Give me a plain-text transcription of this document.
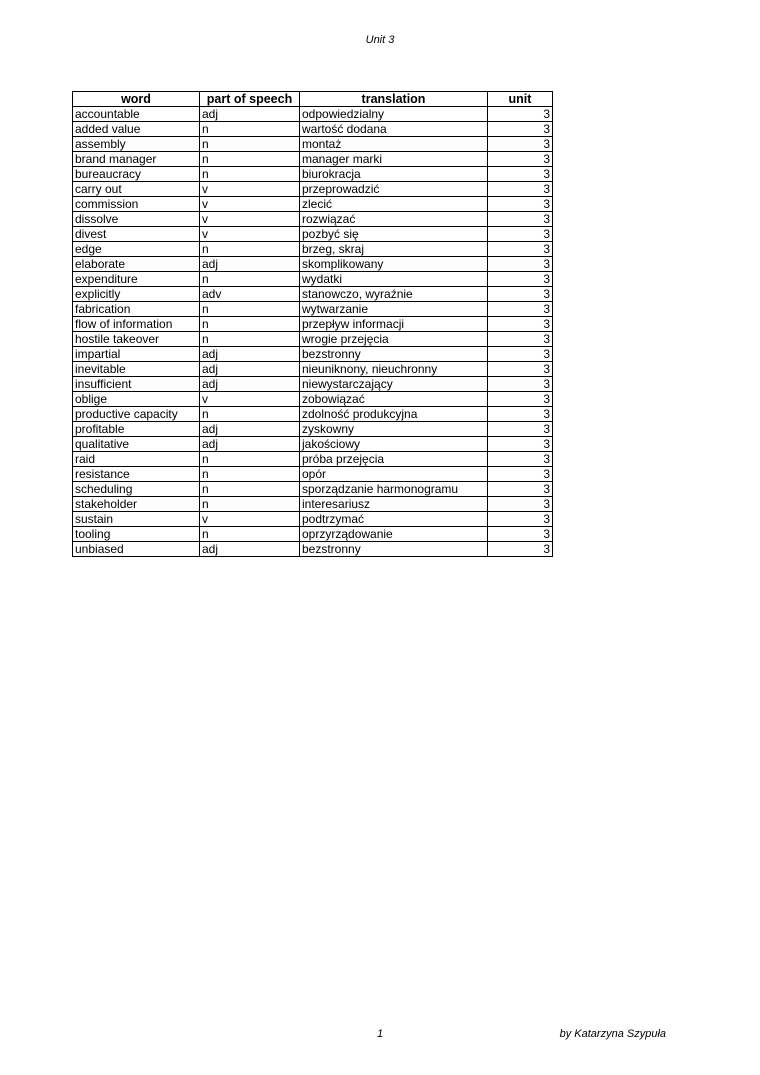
Unit 3
word	part of speech	translation	unit
accountable	adj	odpowiedzialny	3
added value	n	wartość dodana	3
assembly	n	montaż	3
brand manager	n	manager marki	3
bureaucracy	n	biurokracja	3
carry out	v	przeprowadzić	3
commission	v	zlecić	3
dissolve	v	rozwiązać	3
divest	v	pozbyć się	3
edge	n	brzeg, skraj	3
elaborate	adj	skomplikowany	3
expenditure	n	wydatki	3
explicitly	adv	stanowczo, wyraźnie	3
fabrication	n	wytwarzanie	3
flow of information	n	przepływ informacji	3
hostile takeover	n	wrogie przejęcia	3
impartial	adj	bezstronny	3
inevitable	adj	nieuniknony, nieuchronny	3
insufficient	adj	niewystarczający	3
oblige	v	zobowiązać	3
productive capacity	n	zdolność produkcyjna	3
profitable	adj	zyskowny	3
qualitative	adj	jakościowy	3
raid	n	próba przejęcia	3
resistance	n	opór	3
scheduling	n	sporządzanie harmonogramu	3
stakeholder	n	interesariusz	3
sustain	v	podtrzymać	3
tooling	n	oprzyrządowanie	3
unbiased	adj	bezstronny	3
1	by Katarzyna Szypuła
